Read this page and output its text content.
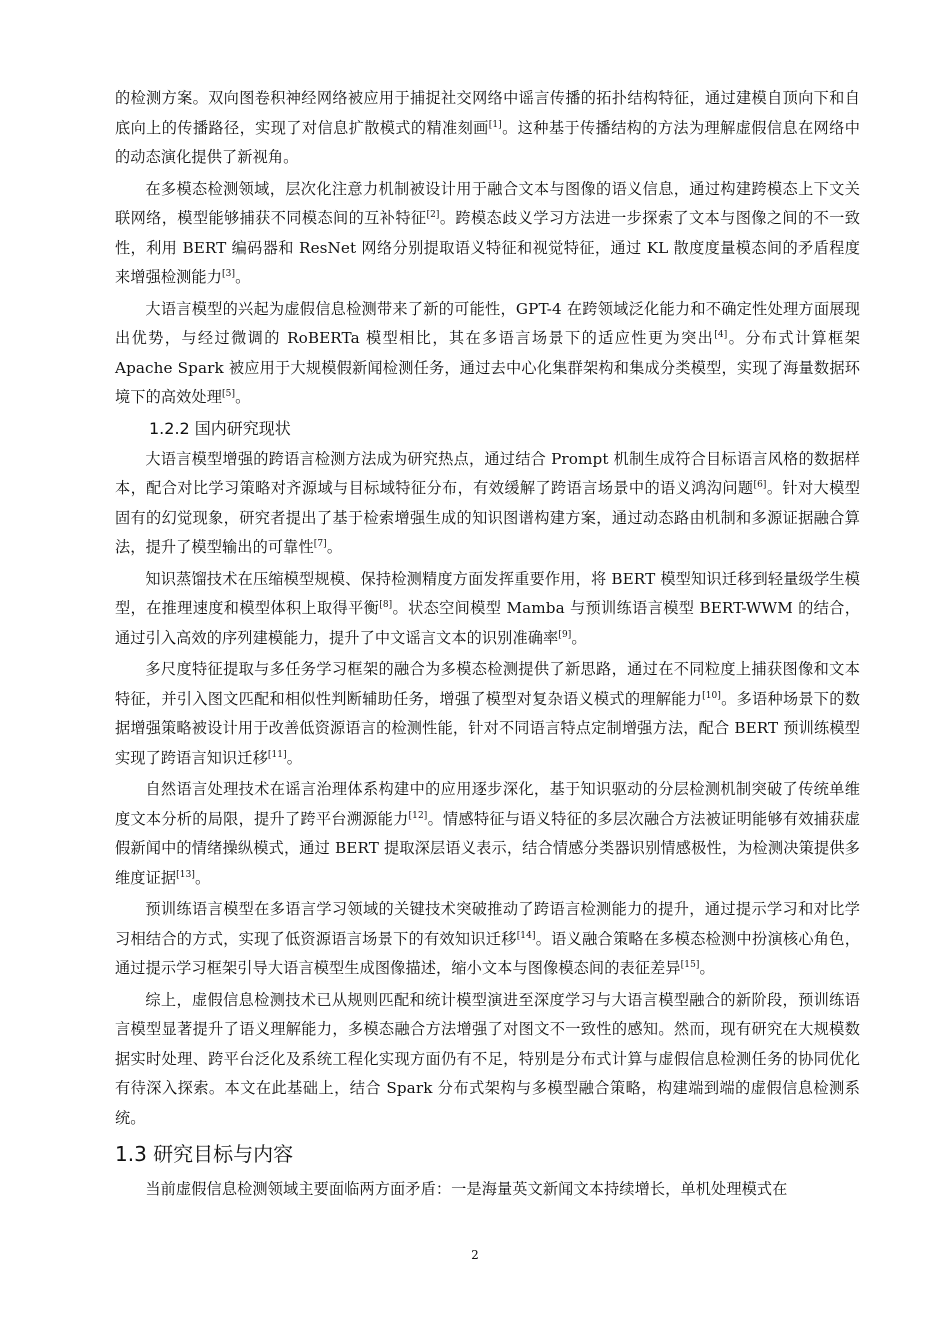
的检测方案。双向图卷积神经网络被应用于捕捉社交网络中谣言传播的拓扑结构特征，通过建模自顶向下和自底向上的传播路径，实现了对信息扩散模式的精准刻画[1]。这种基于传播结构的方法为理解虚假信息在网络中的动态演化提供了新视角。

在多模态检测领域，层次化注意力机制被设计用于融合文本与图像的语义信息，通过构建跨模态上下文关联网络，模型能够捕获不同模态间的互补特征[2]。跨模态歧义学习方法进一步探索了文本与图像之间的不一致性，利用 BERT 编码器和 ResNet 网络分别提取语义特征和视觉特征，通过 KL 散度度量模态间的矛盾程度来增强检测能力[3]。

大语言模型的兴起为虚假信息检测带来了新的可能性，GPT-4 在跨领域泛化能力和不确定性处理方面展现出优势，与经过微调的 RoBERTa 模型相比，其在多语言场景下的适应性更为突出[4]。分布式计算框架 Apache Spark 被应用于大规模假新闻检测任务，通过去中心化集群架构和集成分类模型，实现了海量数据环境下的高效处理[5]。

1.2.2 国内研究现状

大语言模型增强的跨语言检测方法成为研究热点，通过结合 Prompt 机制生成符合目标语言风格的数据样本，配合对比学习策略对齐源域与目标域特征分布，有效缓解了跨语言场景中的语义鸿沟问题[6]。针对大模型固有的幻觉现象，研究者提出了基于检索增强生成的知识图谱构建方案，通过动态路由机制和多源证据融合算法，提升了模型输出的可靠性[7]。

知识蒸馏技术在压缩模型规模、保持检测精度方面发挥重要作用，将 BERT 模型知识迁移到轻量级学生模型，在推理速度和模型体积上取得平衡[8]。状态空间模型 Mamba 与预训练语言模型 BERT-WWM 的结合，通过引入高效的序列建模能力，提升了中文谣言文本的识别准确率[9]。

多尺度特征提取与多任务学习框架的融合为多模态检测提供了新思路，通过在不同粒度上捕获图像和文本特征，并引入图文匹配和相似性判断辅助任务，增强了模型对复杂语义模式的理解能力[10]。多语种场景下的数据增强策略被设计用于改善低资源语言的检测性能，针对不同语言特点定制增强方法，配合 BERT 预训练模型实现了跨语言知识迁移[11]。

自然语言处理技术在谣言治理体系构建中的应用逐步深化，基于知识驱动的分层检测机制突破了传统单维度文本分析的局限，提升了跨平台溯源能力[12]。情感特征与语义特征的多层次融合方法被证明能够有效捕获虚假新闻中的情绪操纵模式，通过 BERT 提取深层语义表示，结合情感分类器识别情感极性，为检测决策提供多维度证据[13]。

预训练语言模型在多语言学习领域的关键技术突破推动了跨语言检测能力的提升，通过提示学习和对比学习相结合的方式，实现了低资源语言场景下的有效知识迁移[14]。语义融合策略在多模态检测中扮演核心角色，通过提示学习框架引导大语言模型生成图像描述，缩小文本与图像模态间的表征差异[15]。

综上，虚假信息检测技术已从规则匹配和统计模型演进至深度学习与大语言模型融合的新阶段，预训练语言模型显著提升了语义理解能力，多模态融合方法增强了对图文不一致性的感知。然而，现有研究在大规模数据实时处理、跨平台泛化及系统工程化实现方面仍有不足，特别是分布式计算与虚假信息检测任务的协同优化有待深入探索。本文在此基础上，结合 Spark 分布式架构与多模型融合策略，构建端到端的虚假信息检测系统。

1.3 研究目标与内容

当前虚假信息检测领域主要面临两方面矛盾：一是海量英文新闻文本持续增长，单机处理模式在

2
